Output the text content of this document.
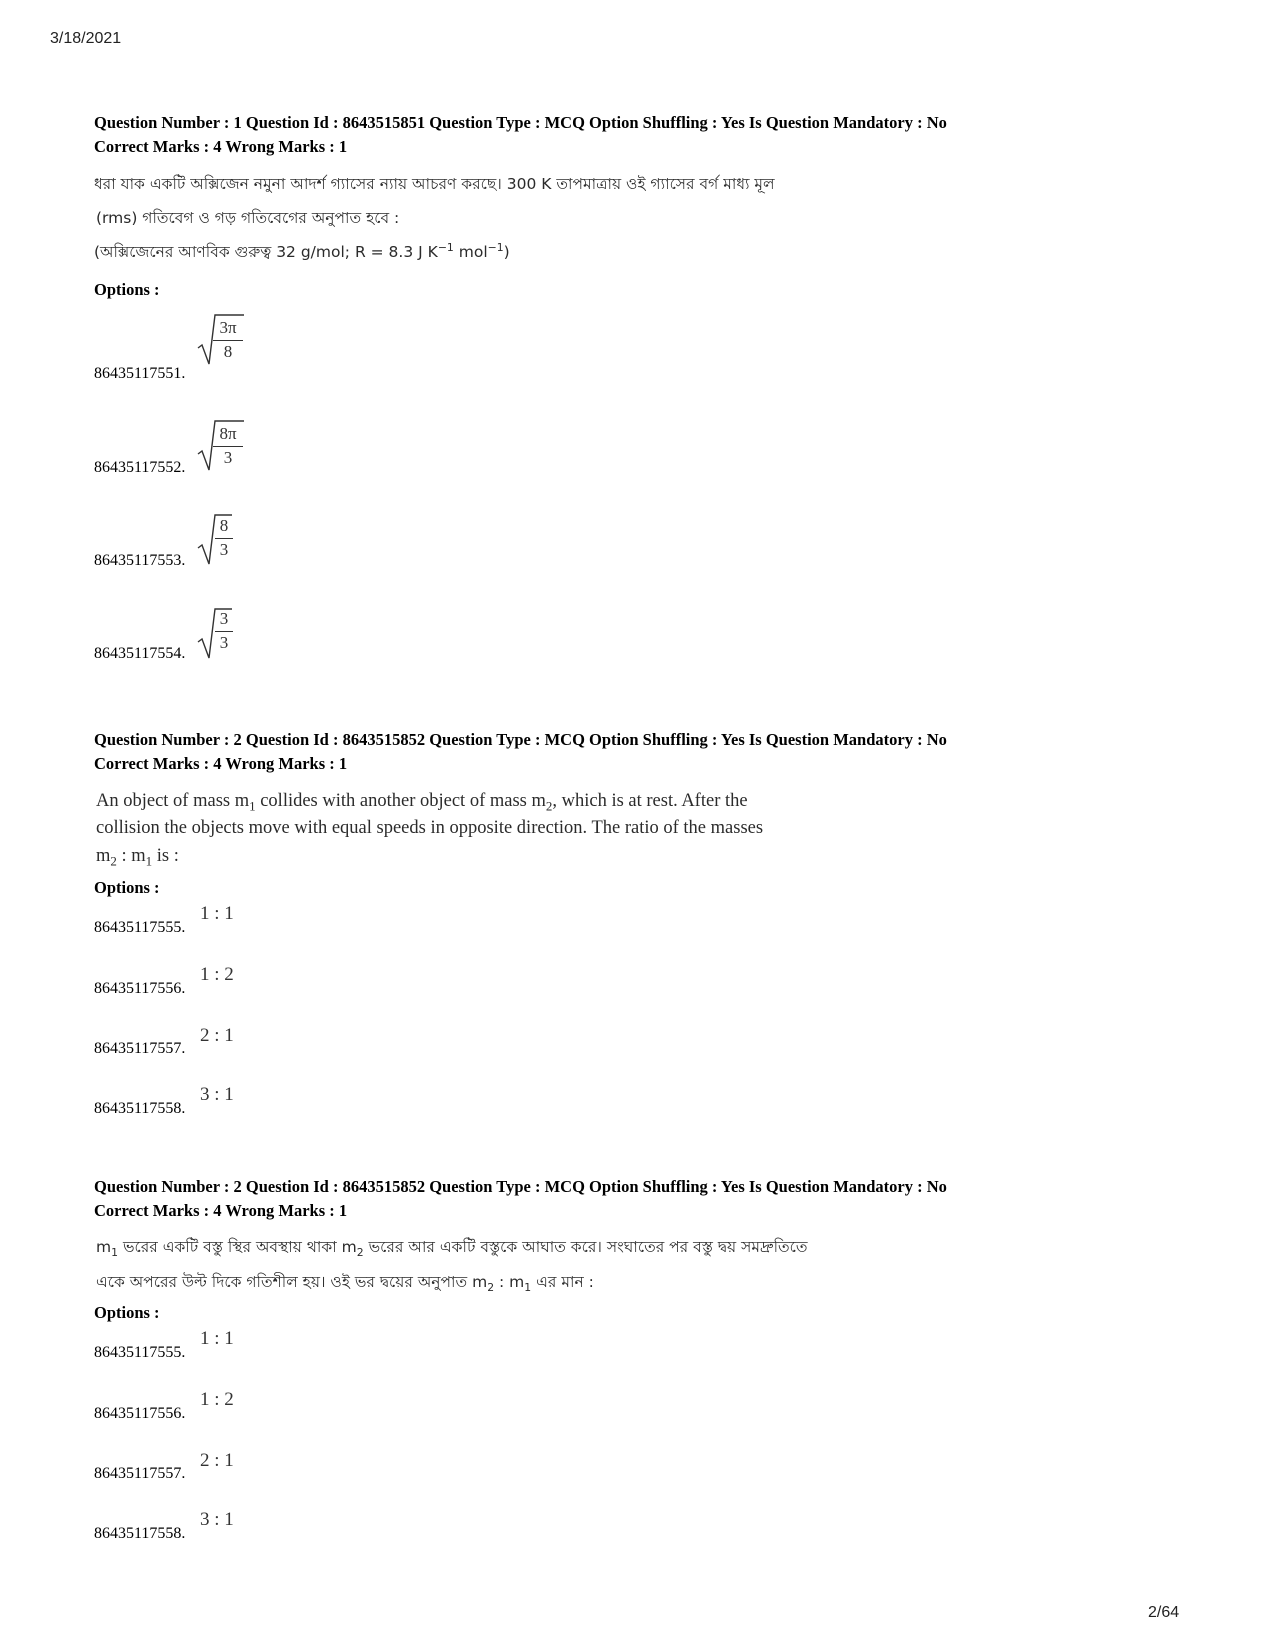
3/18/2021
2/64
Question Number : 1 Question Id : 8643515851 Question Type : MCQ Option Shuffling : Yes Is Question Mandatory : No
Correct Marks : 4 Wrong Marks : 1
ধরা যাক একটি অক্সিজেন নমুনা আদর্শ গ্যাসের ন্যায় আচরণ করছে। 300 K তাপমাত্রায় ওই গ্যাসের বর্গ মাধ্য মূল
(rms) গতিবেগ ও গড় গতিবেগের অনুপাত হবে :
(অক্সিজেনের আণবিক গুরুত্ব 32 g/mol; R = 8.3 J $K^{-1}$ mol$^{-1}$)
Options :
86435117551.
3π
8
86435117552.
8π
3
86435117553.
8
3
86435117554.
3
3
Question Number : 2 Question Id : 8643515852 Question Type : MCQ Option Shuffling : Yes Is Question Mandatory : No
Correct Marks : 4 Wrong Marks : 1
An object of mass $m_1$ collides with another object of mass $m_2$, which is at rest. After the
collision the objects move with equal speeds in opposite direction. The ratio of the masses
$m_2$ : $m_1$ is :
Options :
86435117555.
1 : 1
86435117556.
1 : 2
86435117557.
2 : 1
86435117558.
3 : 1
Question Number : 2 Question Id : 8643515852 Question Type : MCQ Option Shuffling : Yes Is Question Mandatory : No
Correct Marks : 4 Wrong Marks : 1
$m_1$ ভরের একটি বস্তু স্থির অবস্থায় থাকা $m_2$ ভরের আর একটি বস্তুকে আঘাত করে। সংঘাতের পর বস্তু দ্বয় সমদ্রুতিতে
একে অপরের উল্ট দিকে গতিশীল হয়। ওই ভর দ্বয়ের অনুপাত $m_2$ : $m_1$ এর মান :
Options :
86435117555.
1 : 1
86435117556.
1 : 2
86435117557.
2 : 1
86435117558.
3 : 1
